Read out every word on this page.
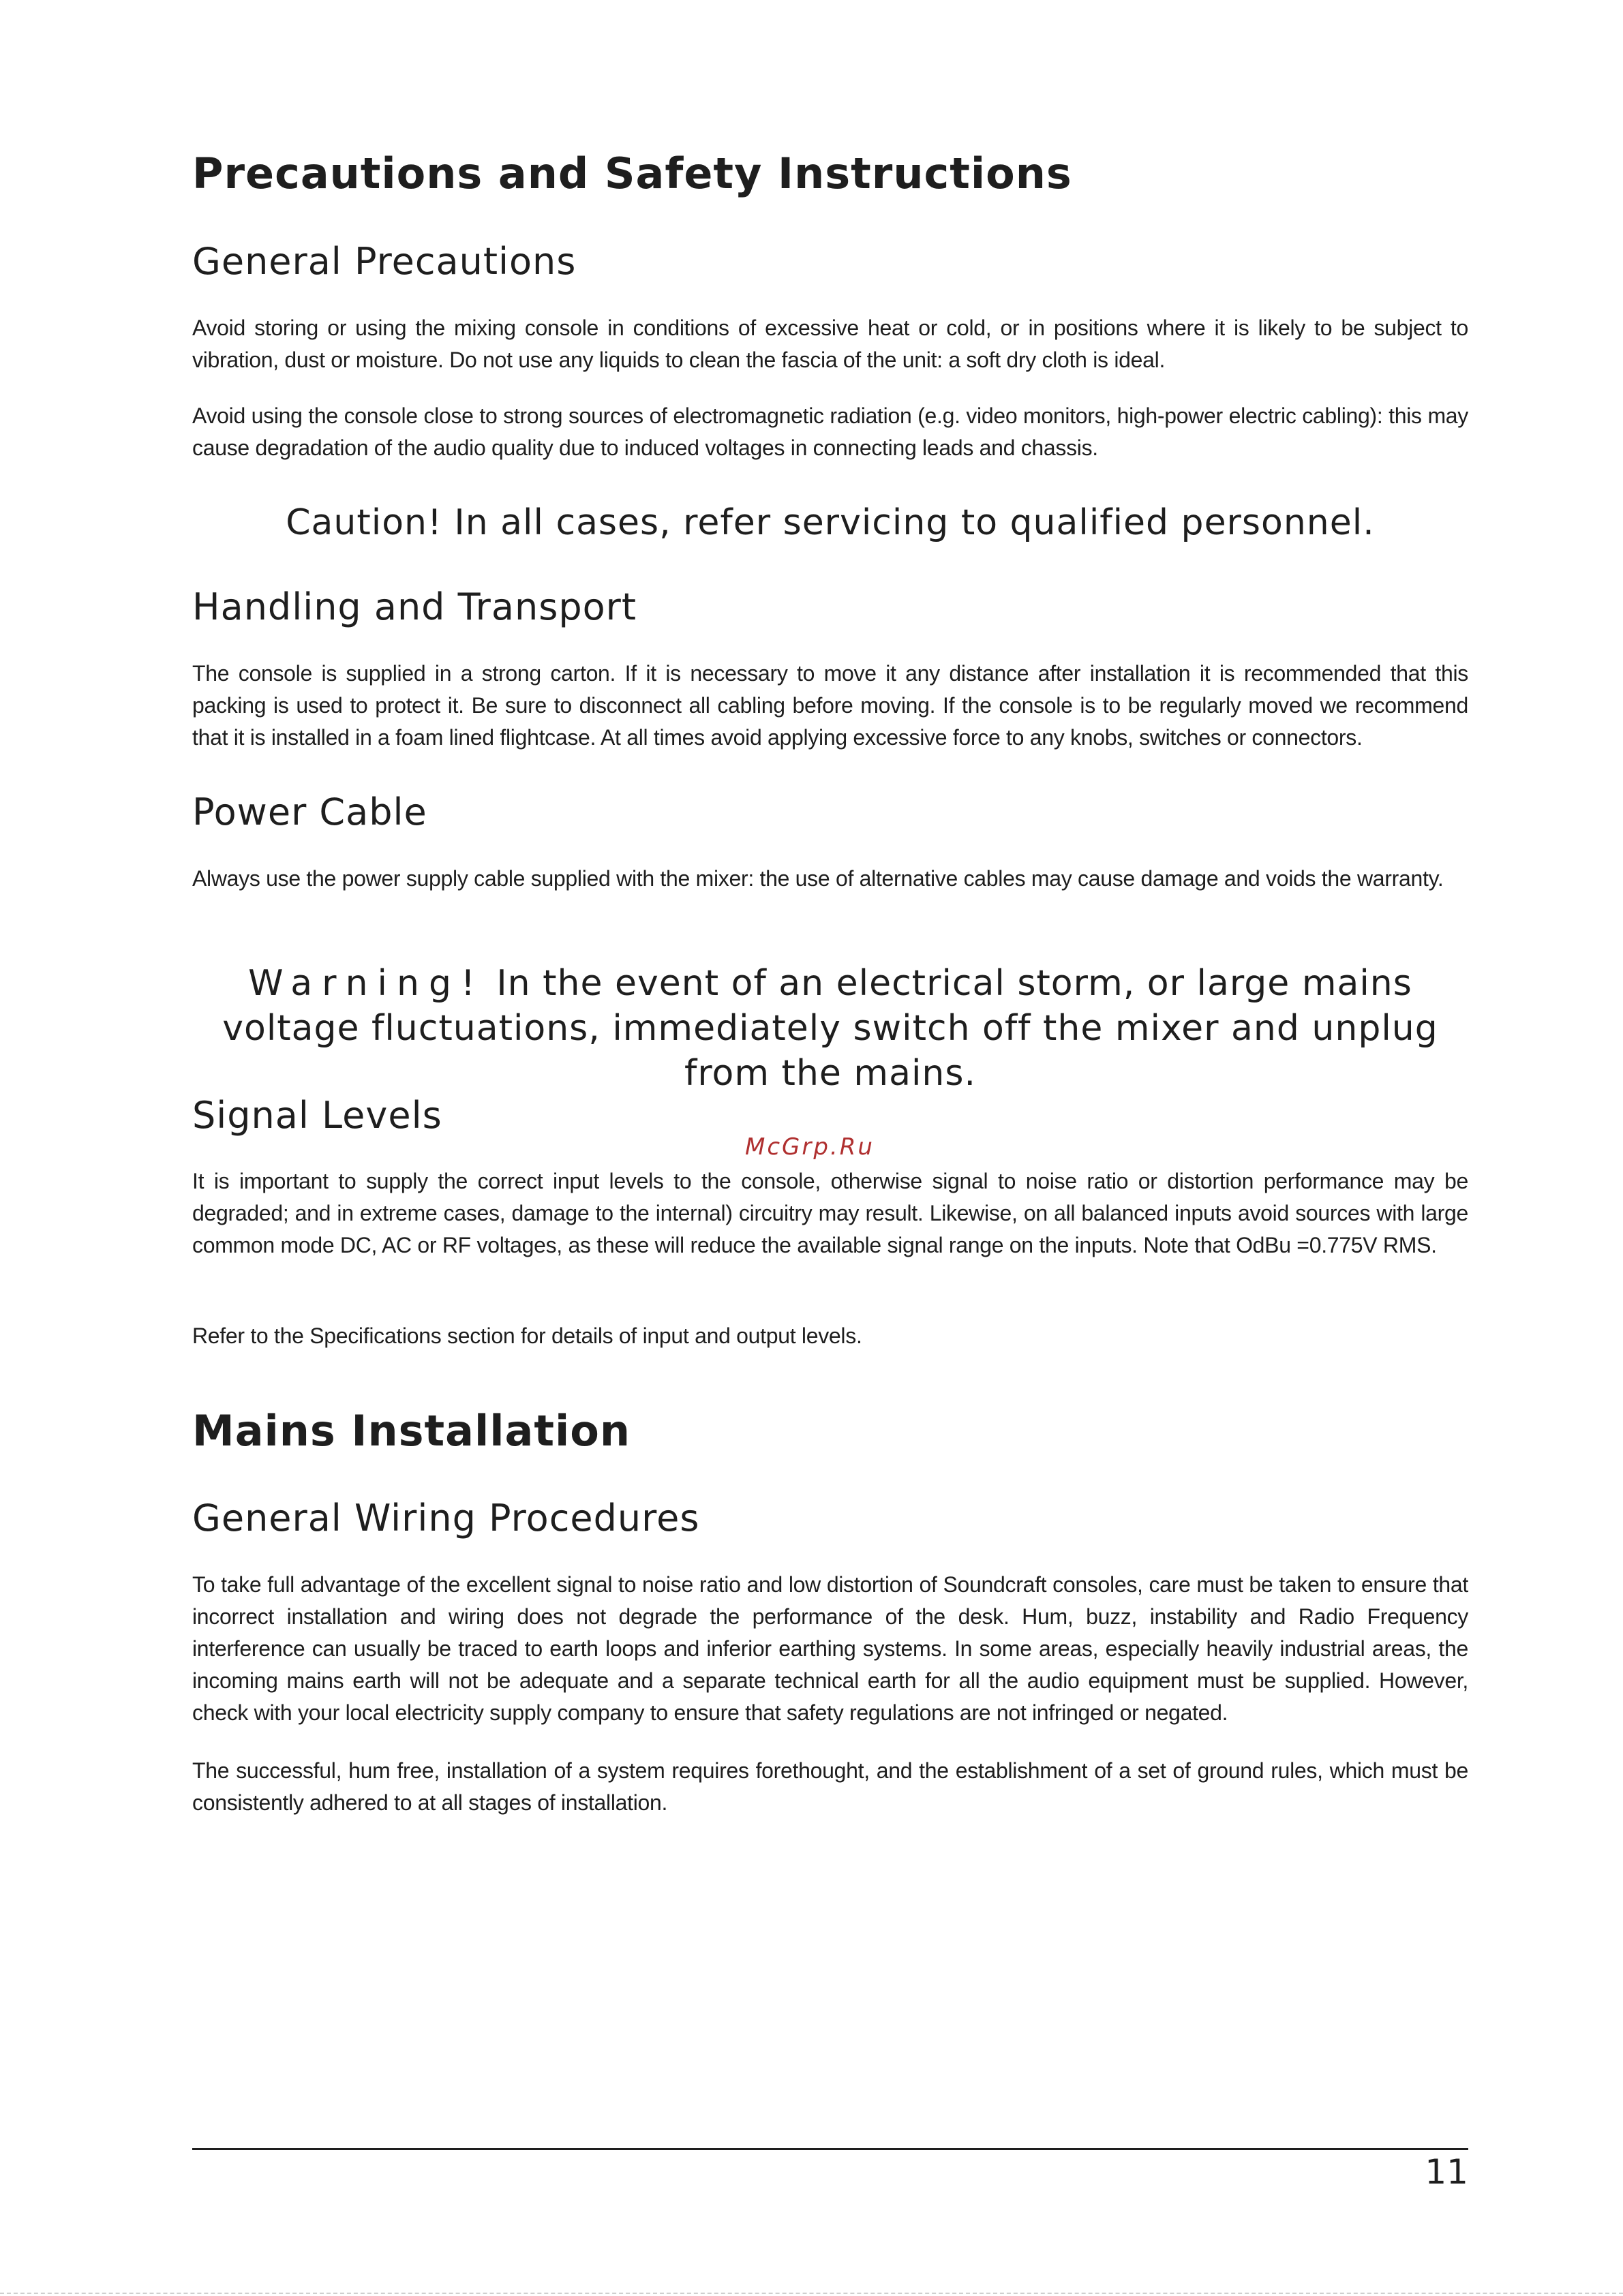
Precautions and Safety Instructions
General Precautions

Avoid storing or using the mixing console in conditions of excessive heat or cold, or in positions where it is likely to be subject to vibration, dust or moisture. Do not use any liquids to clean the fascia of the unit: a soft dry cloth is ideal.

Avoid using the console close to strong sources of electromagnetic radiation (e.g. video monitors, high-power electric cabling): this may cause degradation of the audio quality due to induced voltages in connecting leads and chassis.

Caution! In all cases, refer servicing to qualified personnel.

Handling and Transport

The console is supplied in a strong carton. If it is necessary to move it any distance after installation it is recommended that this packing is used to protect it. Be sure to disconnect all cabling before moving. If the console is to be regularly moved we recommend that it is installed in a foam lined flightcase. At all times avoid applying excessive force to any knobs, switches or connectors.

Power Cable

Always use the power supply cable supplied with the mixer: the use of alternative cables may cause damage and voids the warranty.

Warning! In the event of an electrical storm, or large mains voltage fluctuations, immediately switch off the mixer and unplug from the mains.

Signal Levels

It is important to supply the correct input levels to the console, otherwise signal to noise ratio or distortion performance may be degraded; and in extreme cases, damage to the internal) circuitry may result. Likewise, on all balanced inputs avoid sources with large common mode DC, AC or RF voltages, as these will reduce the available signal range on the inputs. Note that OdBu =0.775V RMS.

Refer to the Specifications section for details of input and output levels.

Mains Installation
General Wiring Procedures

To take full advantage of the excellent signal to noise ratio and low distortion of Soundcraft consoles, care must be taken to ensure that incorrect installation and wiring does not degrade the performance of the desk. Hum, buzz, instability and Radio Frequency interference can usually be traced to earth loops and inferior earthing systems. In some areas, especially heavily industrial areas, the incoming mains earth will not be adequate and a separate technical earth for all the audio equipment must be supplied. However, check with your local electricity supply company to ensure that safety regulations are not infringed or negated.

The successful, hum free, installation of a system requires forethought, and the establishment of a set of ground rules, which must be consistently adhered to at all stages of installation.

McGrp.Ru
11
